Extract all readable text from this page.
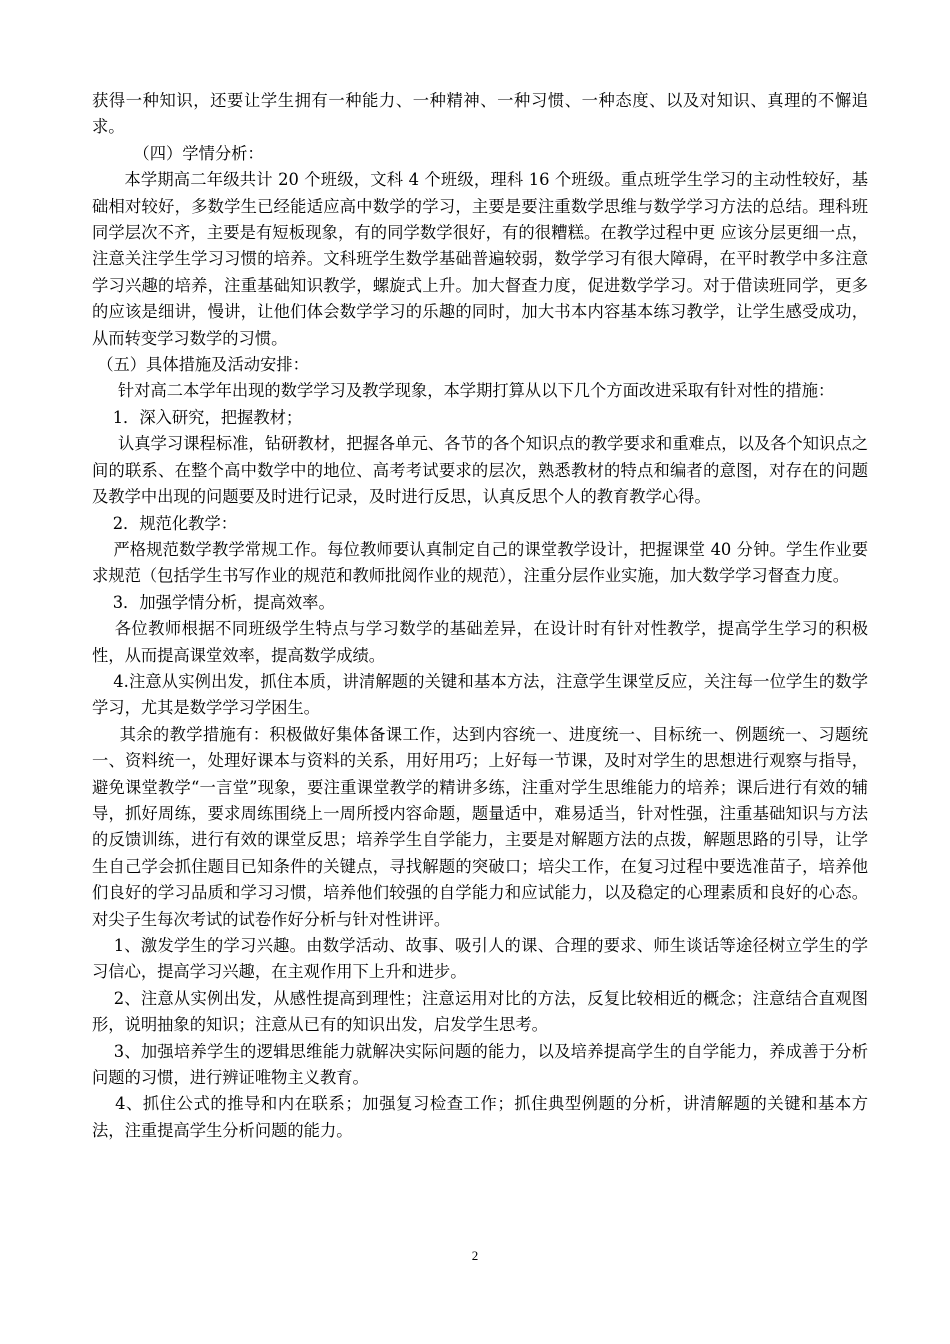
获得一种知识，还要让学生拥有一种能力、一种精神、一种习惯、一种态度、以及对知识、真理的不懈追求。

（四）学情分析：

本学期高二年级共计 20 个班级，文科 4 个班级，理科 16 个班级。重点班学生学习的主动性较好，基础相对较好，多数学生已经能适应高中数学的学习，主要是要注重数学思维与数学学习方法的总结。理科班同学层次不齐，主要是有短板现象，有的同学数学很好，有的很糟糕。在教学过程中更 应该分层更细一点，注意关注学生学习习惯的培养。文科班学生数学基础普遍较弱，数学学习有很大障碍，在平时教学中多注意学习兴趣的培养，注重基础知识教学，螺旋式上升。加大督查力度，促进数学学习。对于借读班同学，更多的应该是细讲，慢讲，让他们体会数学学习的乐趣的同时，加大书本内容基本练习教学，让学生感受成功，从而转变学习数学的习惯。

（五）具体措施及活动安排：

针对高二本学年出现的数学学习及教学现象，本学期打算从以下几个方面改进采取有针对性的措施：

1．深入研究，把握教材；

认真学习课程标准，钻研教材，把握各单元、各节的各个知识点的教学要求和重难点，以及各个知识点之间的联系、在整个高中数学中的地位、高考考试要求的层次，熟悉教材的特点和编者的意图，对存在的问题及教学中出现的问题要及时进行记录，及时进行反思，认真反思个人的教育教学心得。

2．规范化教学：

严格规范数学教学常规工作。每位教师要认真制定自己的课堂教学设计，把握课堂 40 分钟。学生作业要求规范（包括学生书写作业的规范和教师批阅作业的规范），注重分层作业实施，加大数学学习督查力度。

3．加强学情分析，提高效率。

各位教师根据不同班级学生特点与学习数学的基础差异，在设计时有针对性教学，提高学生学习的积极性，从而提高课堂效率，提高数学成绩。

4.注意从实例出发，抓住本质，讲清解题的关键和基本方法，注意学生课堂反应，关注每一位学生的数学学习，尤其是数学学习学困生。

其余的教学措施有：积极做好集体备课工作，达到内容统一、进度统一、目标统一、例题统一、习题统一、资料统一，处理好课本与资料的关系，用好用巧；上好每一节课，及时对学生的思想进行观察与指导，避免课堂教学“一言堂”现象，要注重课堂教学的精讲多练，注重对学生思维能力的培养；课后进行有效的辅导，抓好周练，要求周练围绕上一周所授内容命题，题量适中，难易适当，针对性强，注重基础知识与方法的反馈训练，进行有效的课堂反思；培养学生自学能力，主要是对解题方法的点拨，解题思路的引导，让学生自己学会抓住题目已知条件的关键点，寻找解题的突破口；培尖工作，在复习过程中要选准苗子，培养他们良好的学习品质和学习习惯，培养他们较强的自学能力和应试能力，以及稳定的心理素质和良好的心态。对尖子生每次考试的试卷作好分析与针对性讲评。

1、激发学生的学习兴趣。由数学活动、故事、吸引人的课、合理的要求、师生谈话等途径树立学生的学习信心，提高学习兴趣，在主观作用下上升和进步。

2、注意从实例出发，从感性提高到理性；注意运用对比的方法，反复比较相近的概念；注意结合直观图形，说明抽象的知识；注意从已有的知识出发，启发学生思考。

3、加强培养学生的逻辑思维能力就解决实际问题的能力，以及培养提高学生的自学能力，养成善于分析问题的习惯，进行辨证唯物主义教育。

4、抓住公式的推导和内在联系；加强复习检查工作；抓住典型例题的分析，讲清解题的关键和基本方法，注重提高学生分析问题的能力。

2
